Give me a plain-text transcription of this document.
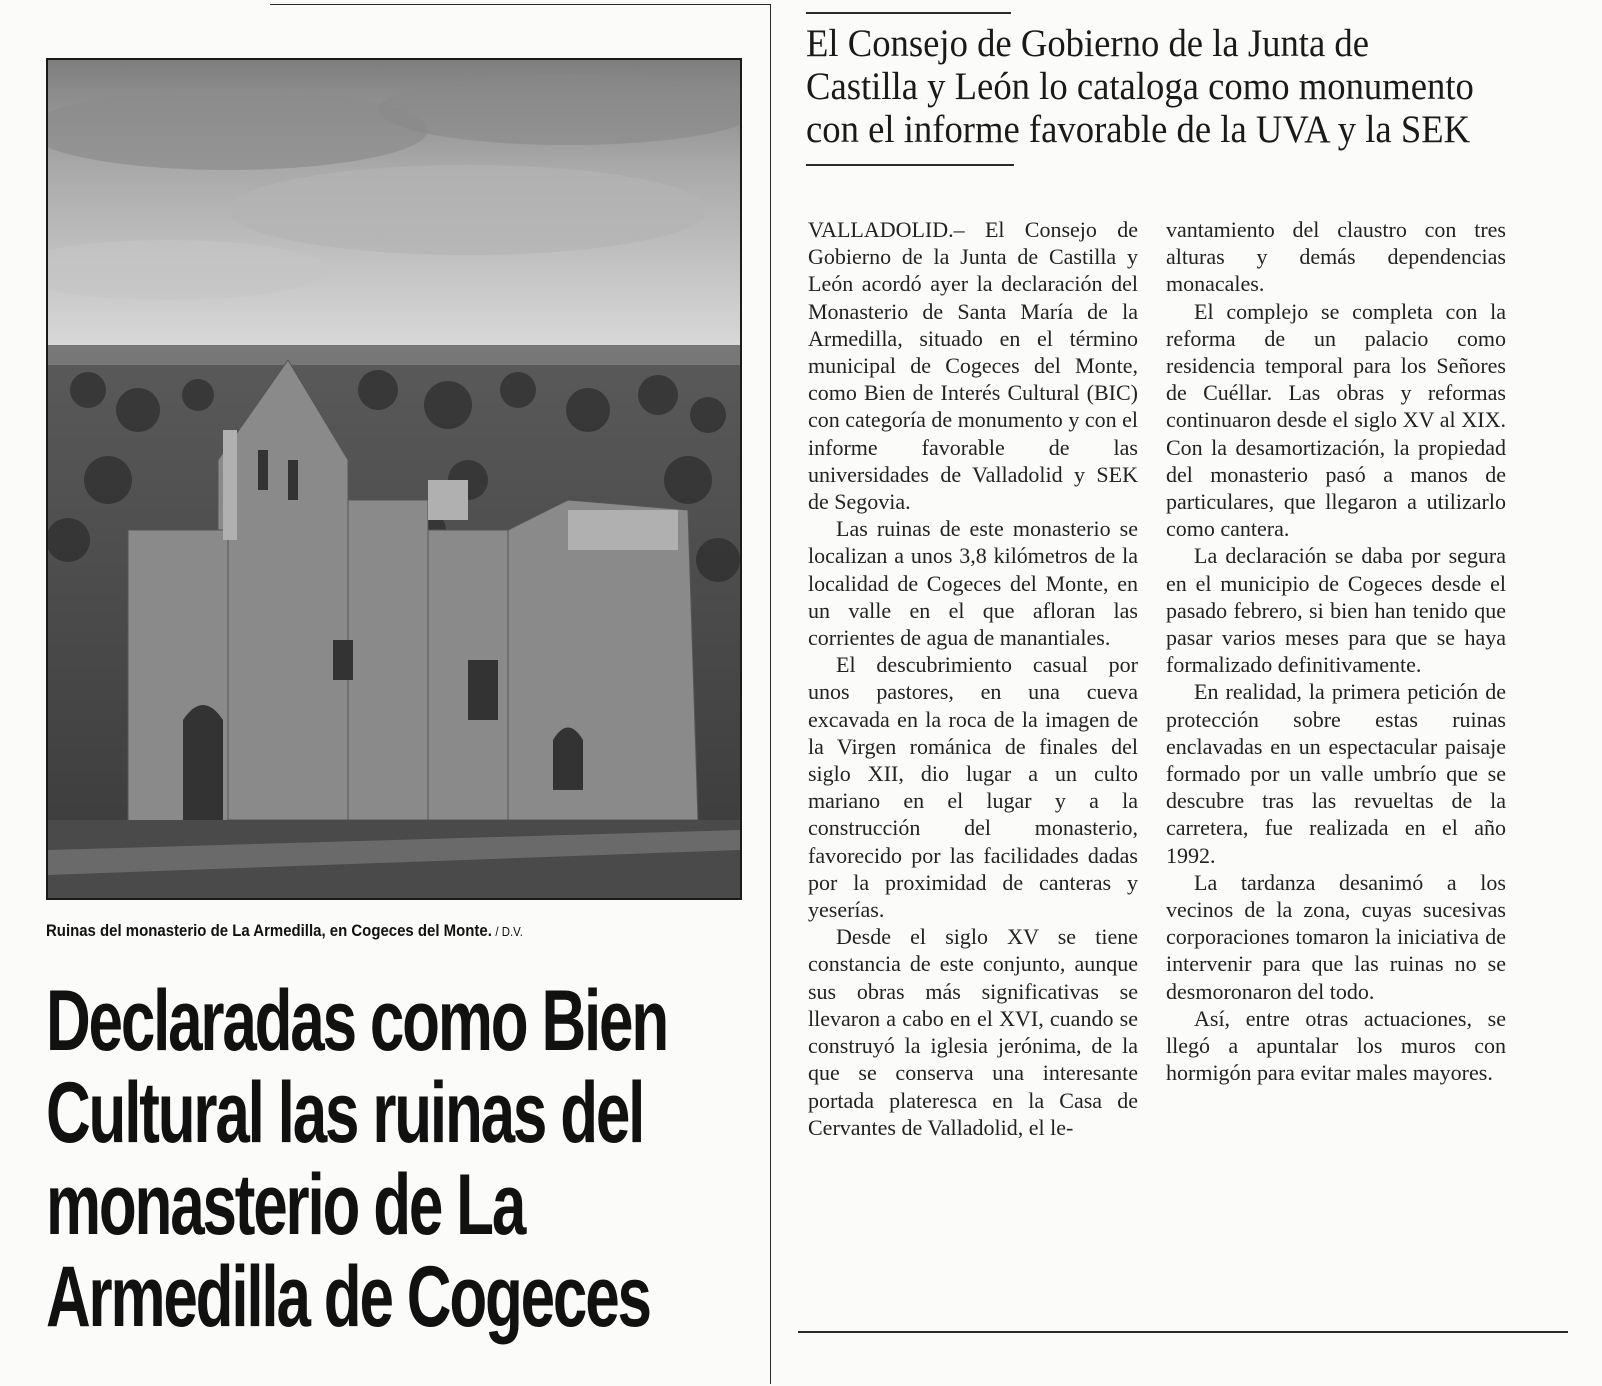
Ruinas del monasterio de La Armedilla, en Cogeces del Monte. / D.V.
Declaradas como Bien
Cultural las ruinas del
monasterio de La
Armedilla de Cogeces
El Consejo de Gobierno de la Junta de
Castilla y León lo cataloga como monumento
con el informe favorable de la UVA y la SEK

VALLADOLID.– El Consejo de Gobierno de la Junta de Castilla y León acordó ayer la declaración del Monasterio de Santa María de la Armedilla, situado en el término municipal de Cogeces del Monte, como Bien de Interés Cultural (BIC) con categoría de monumento y con el informe favorable de las universidades de Valladolid y SEK de Segovia.

Las ruinas de este monasterio se localizan a unos 3,8 kilómetros de la localidad de Cogeces del Monte, en un valle en el que afloran las corrientes de agua de manantiales.

El descubrimiento casual por unos pastores, en una cueva excavada en la roca de la imagen de la Virgen románica de finales del siglo XII, dio lugar a un culto mariano en el lugar y a la construcción del monasterio, favorecido por las facilidades dadas por la proximidad de canteras y yeserías.

Desde el siglo XV se tiene constancia de este conjunto, aunque sus obras más significativas se llevaron a cabo en el XVI, cuando se construyó la iglesia jerónima, de la que se conserva una interesante portada plateresca en la Casa de Cervantes de Valladolid, el le-

vantamiento del claustro con tres alturas y demás dependencias monacales.

El complejo se completa con la reforma de un palacio como residencia temporal para los Señores de Cuéllar. Las obras y reformas continuaron desde el siglo XV al XIX. Con la desamortización, la propiedad del monasterio pasó a manos de particulares, que llegaron a utilizarlo como cantera.

La declaración se daba por segura en el municipio de Cogeces desde el pasado febrero, si bien han tenido que pasar varios meses para que se haya formalizado definitivamente.

En realidad, la primera petición de protección sobre estas ruinas enclavadas en un espectacular paisaje formado por un valle umbrío que se descubre tras las revueltas de la carretera, fue realizada en el año 1992.

La tardanza desanimó a los vecinos de la zona, cuyas sucesivas corporaciones tomaron la iniciativa de intervenir para que las ruinas no se desmoronaron del todo.

Así, entre otras actuaciones, se llegó a apuntalar los muros con hormigón para evitar males mayores.
